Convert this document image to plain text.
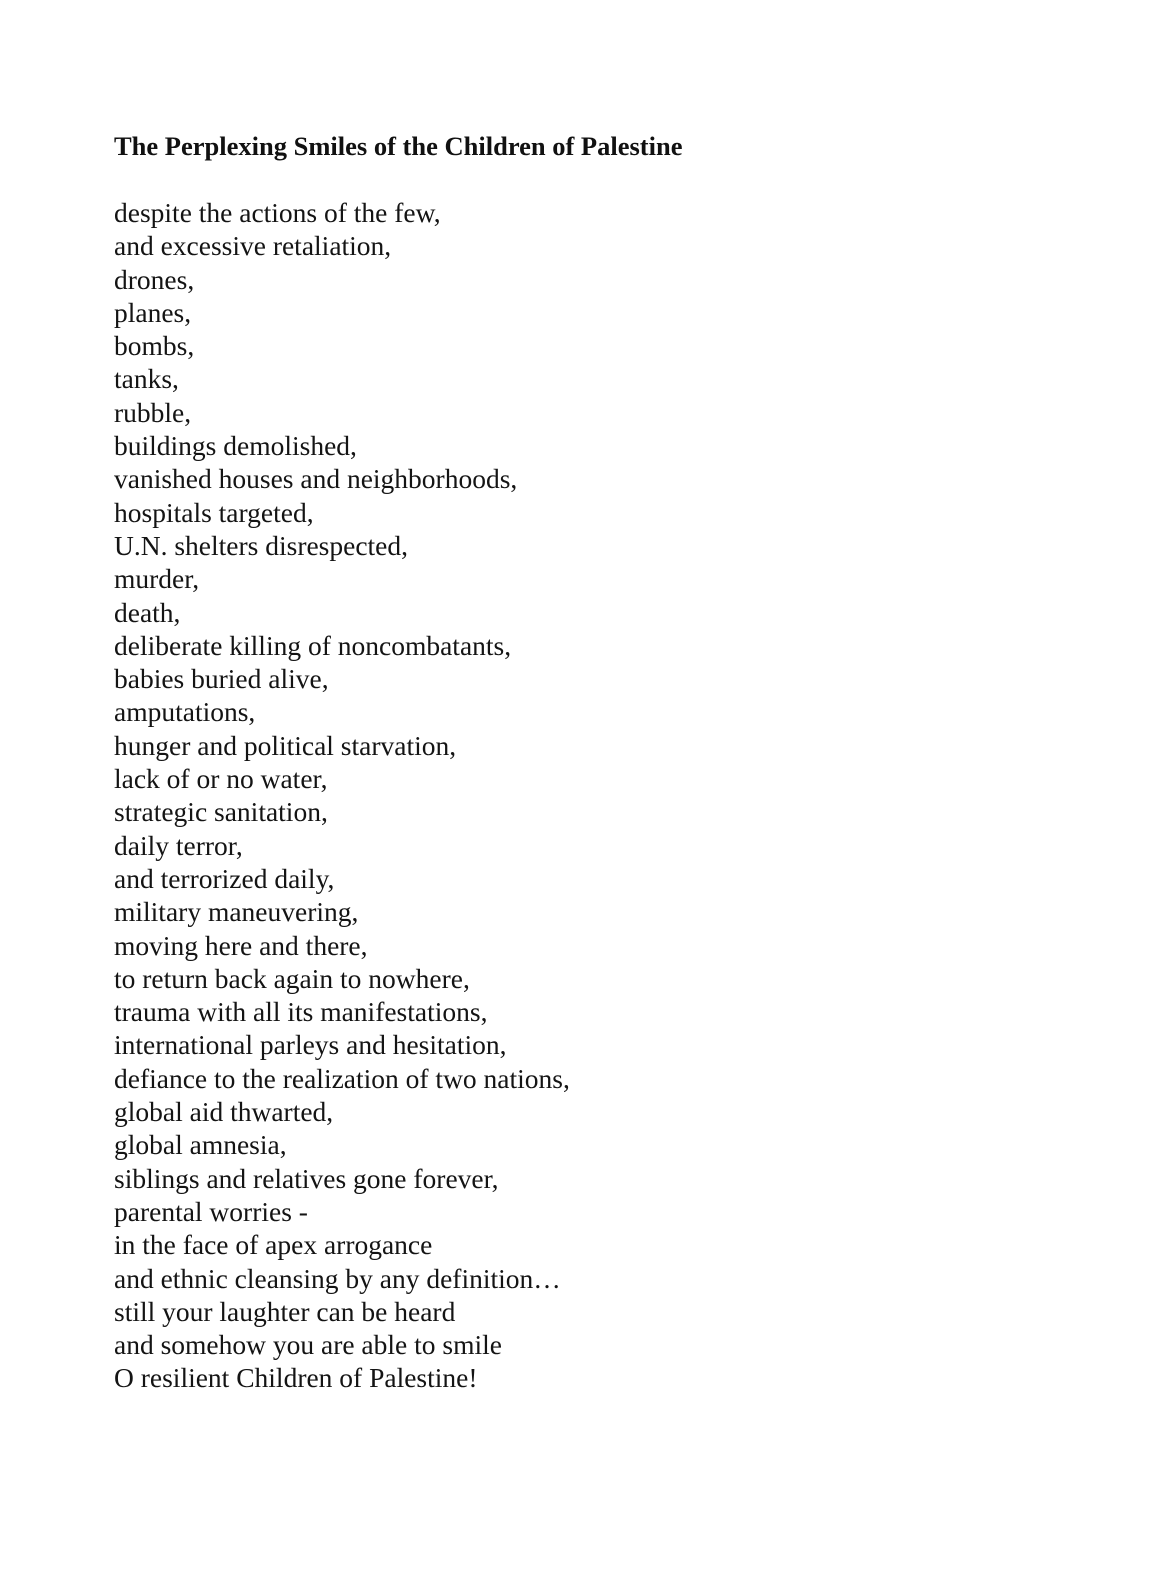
The Perplexing Smiles of the Children of Palestine
despite the actions of the few,
and excessive retaliation,
drones,
planes,
bombs,
tanks,
rubble,
buildings demolished,
vanished houses and neighborhoods,
hospitals targeted,
U.N. shelters disrespected,
murder,
death,
deliberate killing of noncombatants,
babies buried alive,
amputations,
hunger and political starvation,
lack of or no water,
strategic sanitation,
daily terror,
and terrorized daily,
military maneuvering,
moving here and there,
to return back again to nowhere,
trauma with all its manifestations,
international parleys and hesitation,
defiance to the realization of two nations,
global aid thwarted,
global amnesia,
siblings and relatives gone forever,
parental worries -
in the face of apex arrogance
and ethnic cleansing by any definition…
still your laughter can be heard
and somehow you are able to smile
O resilient Children of Palestine!
